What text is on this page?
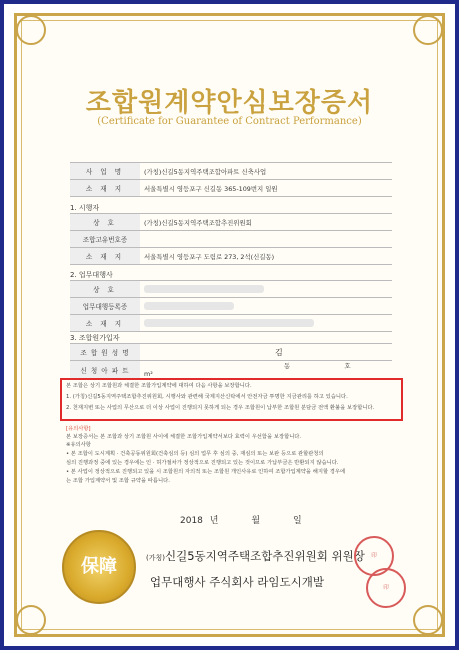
조합원계약안심보장증서
(Certificate for Guarantee of Contract Performance)
사 업 명	(가칭)신길5동지역주택조합아파트 신축사업
소 재 지	서울특별시 영등포구 신길동 365-109번지 일원
1. 시행자
상 호	(가칭)신길5동지역주택조합추진위원회
조합고유번호증	
소 재 지	서울특별시 영등포구 도림로 273, 2석(신길동)
2. 업무대행사
상 호	
업무대행등록증	
소 재 지	
3. 조합원가입자
조 합 원 성 명	김
신 청 아 파 트	동 호  m²
본 조합은 상기 조합원과 체결한 조합가입계약에 대하여 다음 사항을 보장합니다.
1. (가칭)신길5동지역주택조합추진위원회, 시행사와 관련해 국제지산신탁에서 안전자금 투명한 지금관리를 하고 있습니다.
2. 천재지변 또는 사업의 무산으로 더 이상 사업이 진행되지 못하게 되는 경우 조합원이 납부한 조합원 분담금 전액 환불을 보장합니다.
[유의사항]
본 보장증서는 본 조합과 상기 조합원 사이에 체결한 조합가입계약서보다 효력이 우선함을 보장합니다.
※유의사항
• 본 조합이 도시계획 · 건축공동위원회(건축심의 등) 심의 업무 후 심의 중, 재심의 또는 보완 등으로 관할관청의
심의 진행과정 중에 있는 경우에는 인 · 허가절차가 정상적으로 진행되고 있는 것이므로 가납부금은 반환되지 않습니다.
• 본 사업이 정상적으로 진행되고 있을 시 조합원의 자의적 또는 조합원 개인사유로 인하여 조합가입계약을 해지할 경우에
는 조합 가입계약서 및 조합 규약을 따릅니다.
2018 년	월	일
保障	(가칭)신길5동지역주택조합추진위원회 위원장
업무대행사 주식회사 라임도시개발
印
印
